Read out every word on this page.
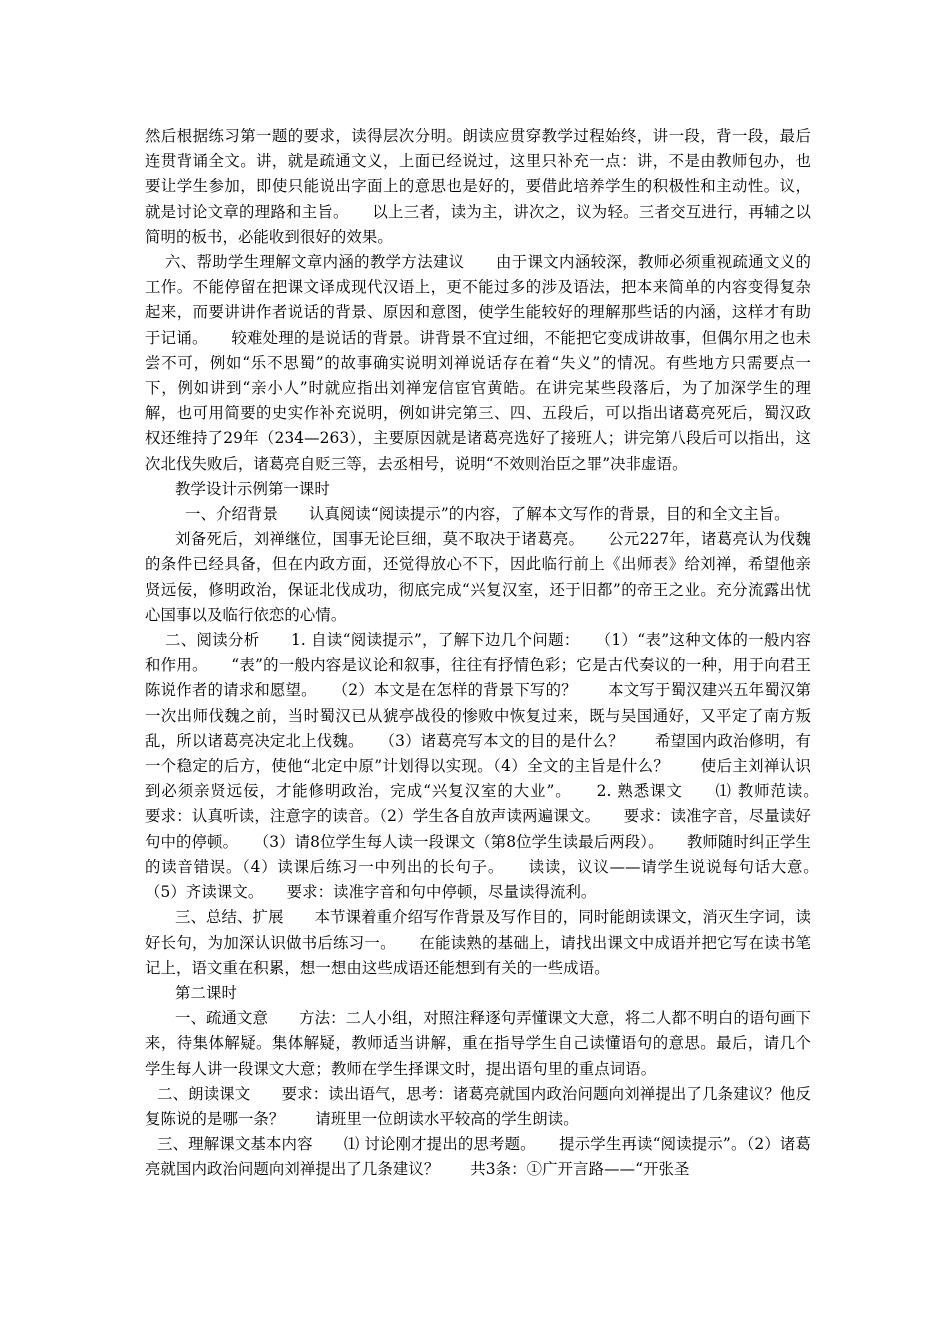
然后根据练习第一题的要求，读得层次分明。朗读应贯穿教学过程始终，讲一段，背一段，最后连贯背诵全文。讲，就是疏通文义，上面已经说过，这里只补充一点：讲，不是由教师包办，也要让学生参加，即使只能说出字面上的意思也是好的，要借此培养学生的积极性和主动性。议，就是讨论文章的理路和主旨。　　以上三者，读为主，讲次之，议为轻。三者交互进行，再辅之以简明的板书，必能收到很好的效果。

六、帮助学生理解文章内涵的教学方法建议　　由于课文内涵较深，教师必须重视疏通文义的工作。不能停留在把课文译成现代汉语上，更不能过多的涉及语法，把本来简单的内容变得复杂起来，而要讲讲作者说话的背景、原因和意图，使学生能较好的理解那些话的内涵，这样才有助于记诵。　　较难处理的是说话的背景。讲背景不宜过细，不能把它变成讲故事，但偶尔用之也未尝不可，例如“乐不思蜀”的故事确实说明刘禅说话存在着“失义”的情况。有些地方只需要点一下，例如讲到“亲小人”时就应指出刘禅宠信宦官黄皓。在讲完某些段落后，为了加深学生的理解，也可用简要的史实作补充说明，例如讲完第三、四、五段后，可以指出诸葛亮死后，蜀汉政权还维持了29年（234—263），主要原因就是诸葛亮选好了接班人；讲完第八段后可以指出，这次北伐失败后，诸葛亮自贬三等，去丞相号，说明“不效则治臣之罪”决非虚语。

教学设计示例第一课时

一、介绍背景　　认真阅读“阅读提示”的内容，了解本文写作的背景，目的和全文主旨。

刘备死后，刘禅继位，国事无论巨细，莫不取决于诸葛亮。　　公元227年，诸葛亮认为伐魏的条件已经具备，但在内政方面，还觉得放心不下，因此临行前上《出师表》给刘禅，希望他亲贤远佞，修明政治，保证北伐成功，彻底完成“兴复汉室，还于旧都”的帝王之业。充分流露出忧心国事以及临行依恋的心情。

二、阅读分析　　1. 自读“阅读提示”，了解下边几个问题：　　（1）“表”这种文体的一般内容和作用。　　“表”的一般内容是议论和叙事，往往有抒情色彩；它是古代奏议的一种，用于向君王陈说作者的请求和愿望。　　（2）本文是在怎样的背景下写的？　　本文写于蜀汉建兴五年蜀汉第一次出师伐魏之前，当时蜀汉已从猇亭战役的惨败中恢复过来，既与吴国通好，又平定了南方叛乱，所以诸葛亮决定北上伐魏。　　（3）诸葛亮写本文的目的是什么？　　希望国内政治修明，有一个稳定的后方，使他“北定中原”计划得以实现。（4）全文的主旨是什么？　　使后主刘禅认识到必须亲贤远佞，才能修明政治，完成“兴复汉室的大业”。　　2. 熟悉课文　　⑴ 教师范读。　　要求：认真听读，注意字的读音。（2）学生各自放声读两遍课文。　　要求：读准字音，尽量读好句中的停顿。　　（3）请8位学生每人读一段课文（第8位学生读最后两段）。　　教师随时纠正学生的读音错误。（4）读课后练习一中列出的长句子。　　读读，议议——请学生说说每句话大意。　　（5）齐读课文。　　要求：读准字音和句中停顿，尽量读得流利。

三、总结、扩展　　本节课着重介绍写作背景及写作目的，同时能朗读课文，消灭生字词，读好长句，为加深认识做书后练习一。　　在能读熟的基础上，请找出课文中成语并把它写在读书笔记上，语文重在积累，想一想由这些成语还能想到有关的一些成语。

第二课时

一、疏通文意　　方法：二人小组，对照注释逐句弄懂课文大意，将二人都不明白的语句画下来，待集体解疑。集体解疑，教师适当讲解，重在指导学生自己读懂语句的意思。最后，请几个学生每人讲一段课文大意；教师在学生择课文时，提出语句里的重点词语。

二、朗读课文　　要求：读出语气，思考：诸葛亮就国内政治问题向刘禅提出了几条建议？他反复陈说的是哪一条？　　请班里一位朗读水平较高的学生朗读。

三、理解课文基本内容　　⑴ 讨论刚才提出的思考题。　　提示学生再读“阅读提示”。（2）诸葛亮就国内政治问题向刘禅提出了几条建议？　　共3条：①广开言路——“开张圣
